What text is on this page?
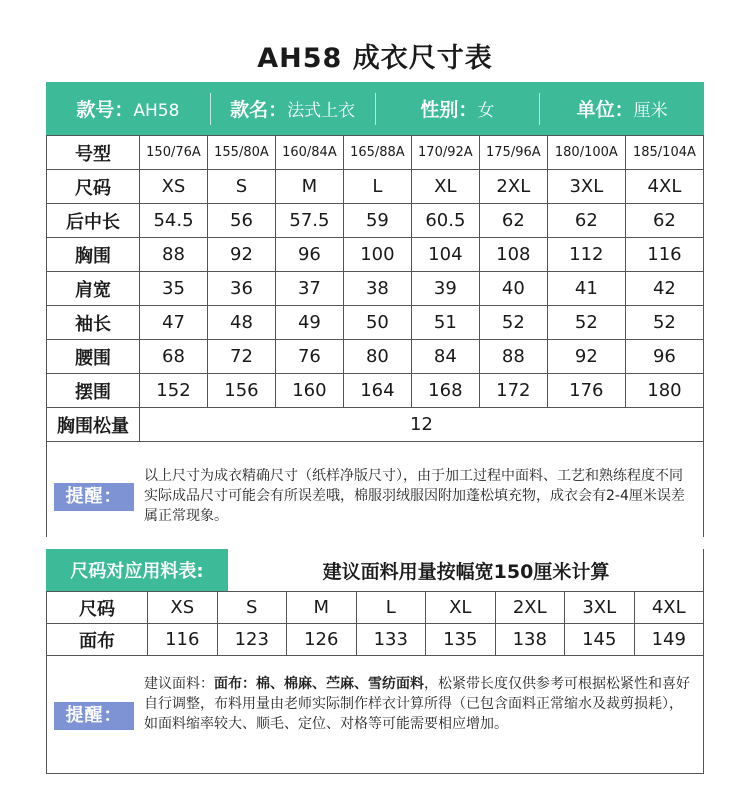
AH58 成衣尺寸表
款号：AH58	款名：法式上衣	性别：女	单位：厘米
号型	150/76A	155/80A	160/84A	165/88A	170/92A	175/96A	180/100A	185/104A
尺码	XS	S	M	L	XL	2XL	3XL	4XL
后中长	54.5	56	57.5	59	60.5	62	62	62
胸围	88	92	96	100	104	108	112	116
肩宽	35	36	37	38	39	40	41	42
袖长	47	48	49	50	51	52	52	52
腰围	68	72	76	80	84	88	92	96
摆围	152	156	160	164	168	172	176	180
胸围松量	12							
以上尺寸为成衣精确尺寸（纸样净版尺寸），由于加工过程中面料、工艺和熟练程度不同实际成品尺寸可能会有所误差哦，棉服羽绒服因附加蓬松填充物，成衣会有2-4厘米误差属正常现象。
提醒：
尺码对应用料表:	建议面料用量按幅宽150厘米计算
尺码	XS	S	M	L	XL	2XL	3XL	4XL
面布	116	123	126	133	135	138	145	149
建议面料：面布：棉、棉麻、苎麻、雪纺面料，松紧带长度仅供参考可根据松紧性和喜好自行调整，布料用量由老师实际制作样衣计算所得（已包含面料正常缩水及裁剪损耗），如面料缩率较大、顺毛、定位、对格等可能需要相应增加。
提醒：
